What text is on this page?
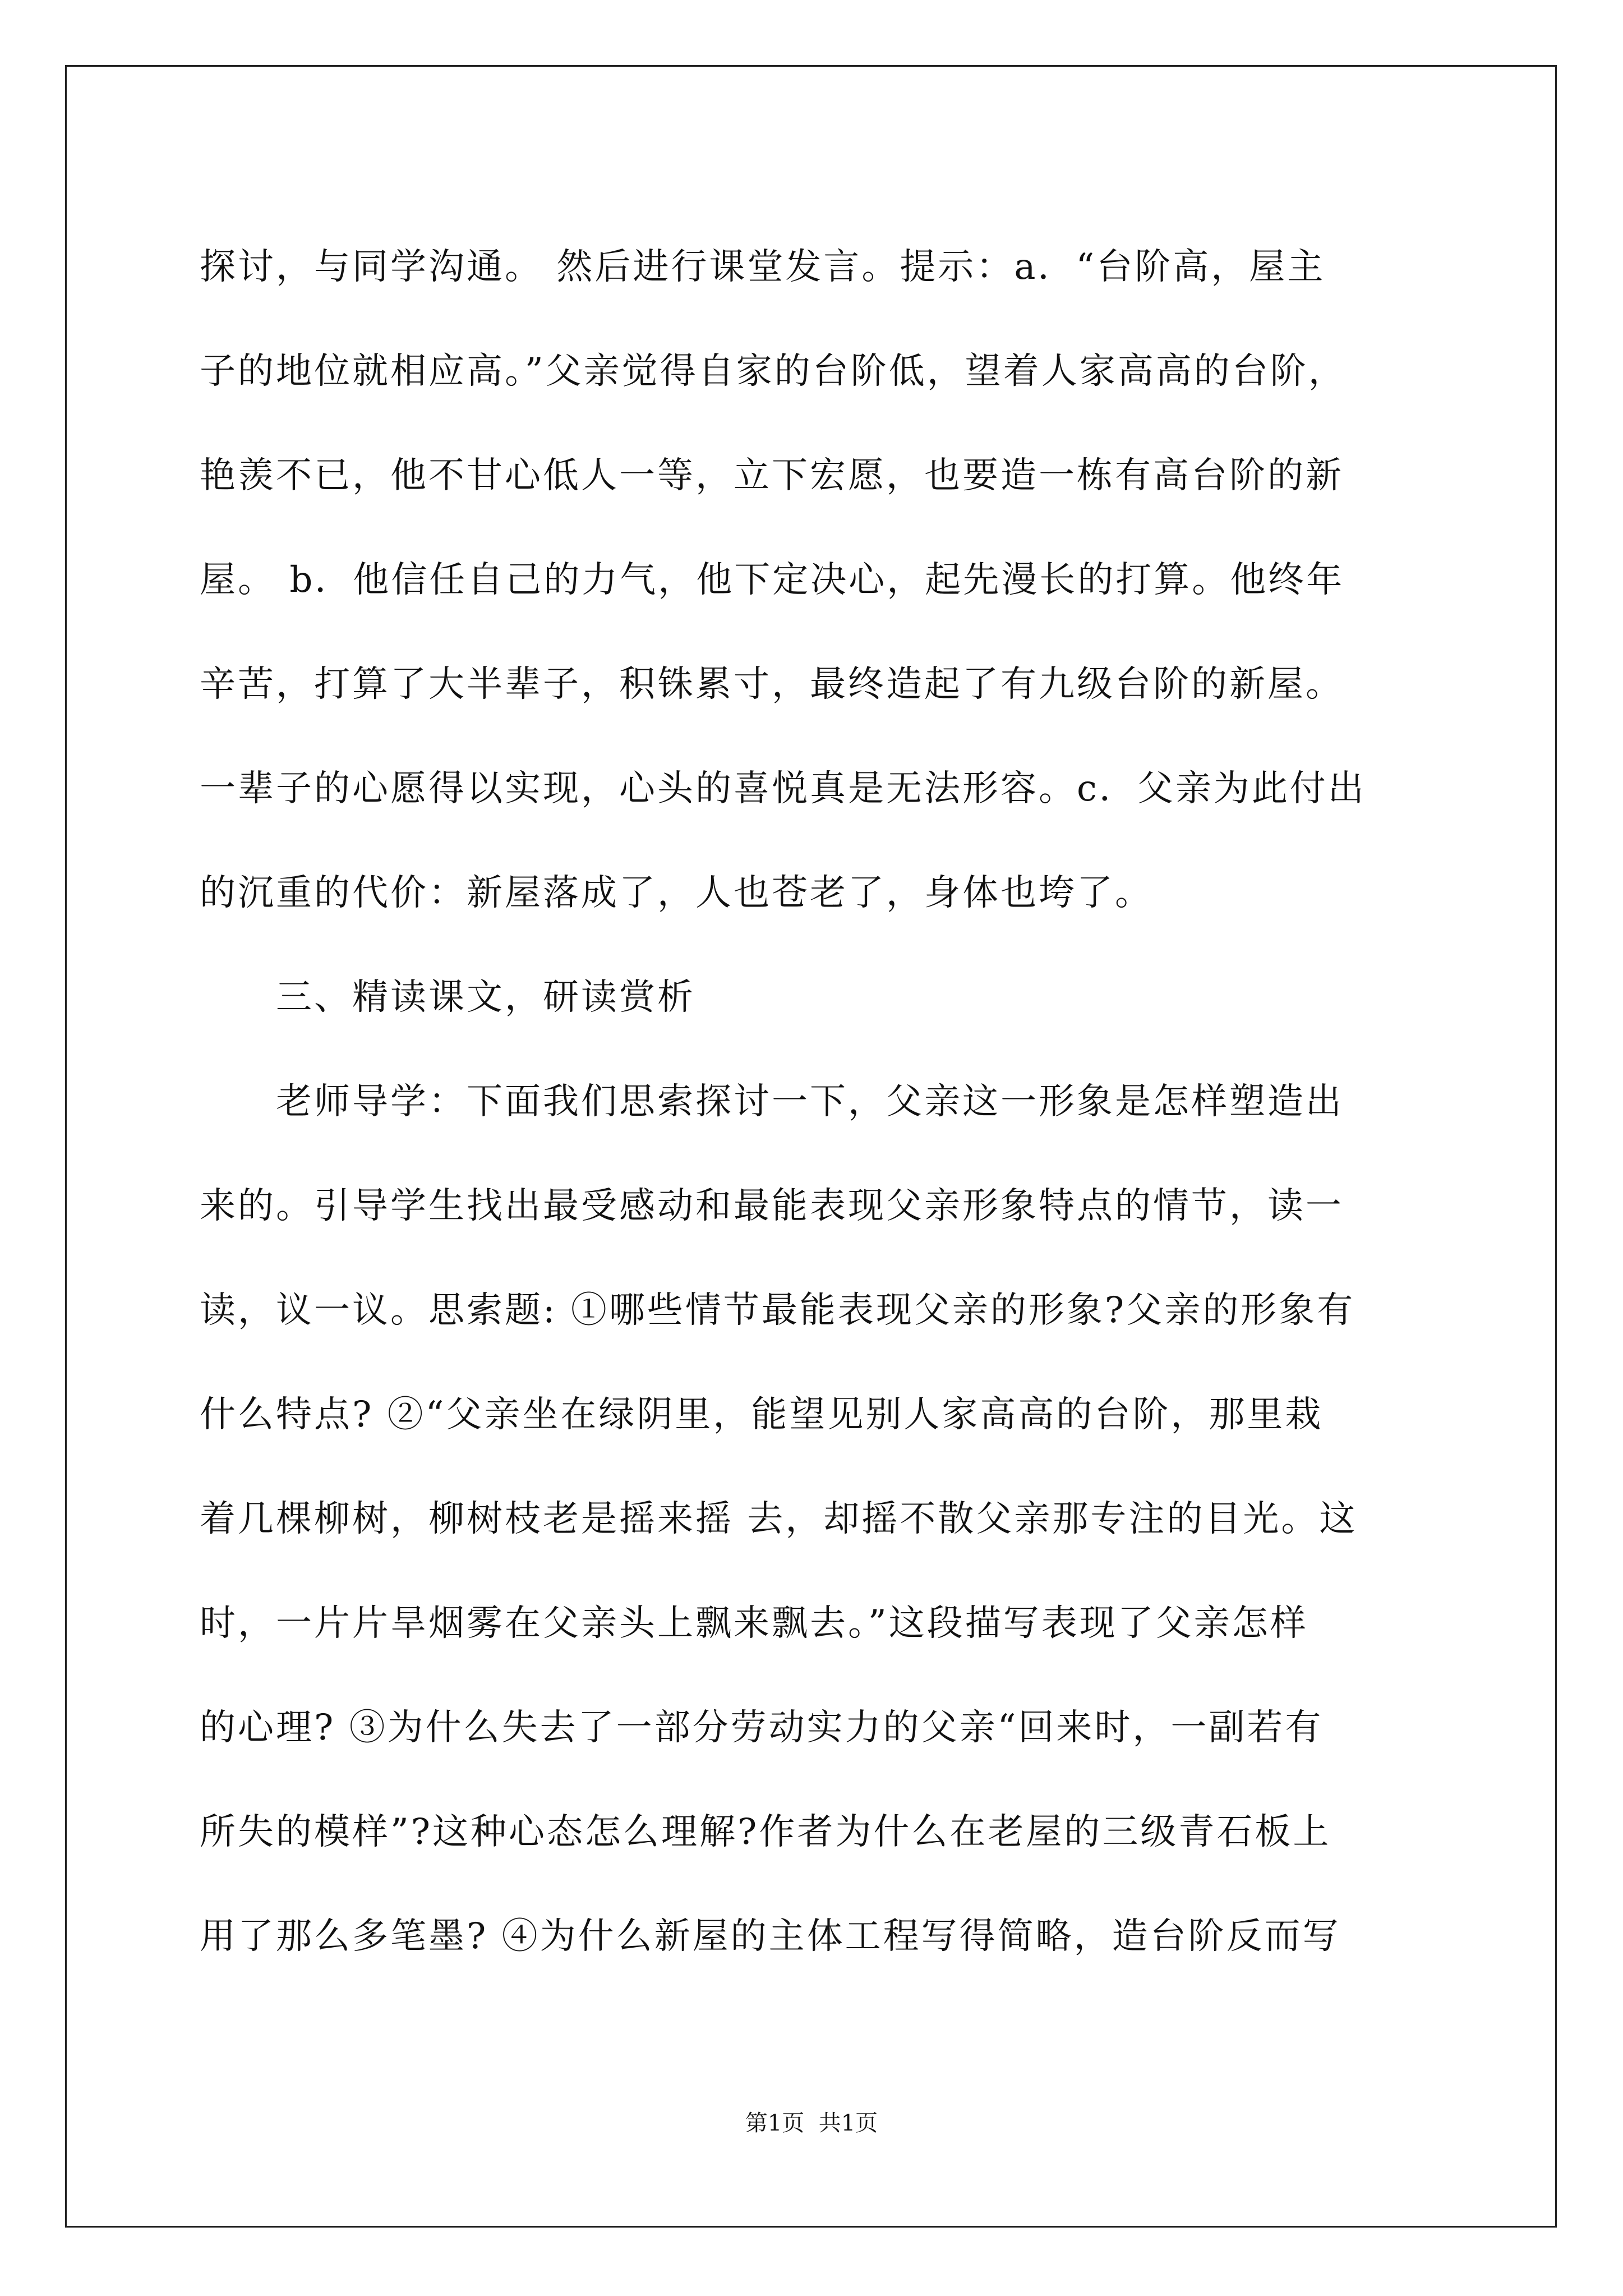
探讨，与同学沟通。 然后进行课堂发言。提示：a．“台阶高，屋主
子的地位就相应高。”父亲觉得自家的台阶低，望着人家高高的台阶，
艳羡不已，他不甘心低人一等，立下宏愿，也要造一栋有高台阶的新
屋。 b．他信任自己的力气，他下定决心，起先漫长的打算。他终年
辛苦，打算了大半辈子，积铢累寸，最终造起了有九级台阶的新屋。
一辈子的心愿得以实现，心头的喜悦真是无法形容。c．父亲为此付出
的沉重的代价：新屋落成了，人也苍老了，身体也垮了。
　　三、精读课文，研读赏析
　　老师导学：下面我们思索探讨一下，父亲这一形象是怎样塑造出
来的。引导学生找出最受感动和最能表现父亲形象特点的情节，读一
读，议一议。思索题: ①哪些情节最能表现父亲的形象?父亲的形象有
什么特点? ②“父亲坐在绿阴里，能望见别人家高高的台阶，那里栽
着几棵柳树，柳树枝老是摇来摇 去，却摇不散父亲那专注的目光。这
时，一片片旱烟雾在父亲头上飘来飘去。”这段描写表现了父亲怎样
的心理? ③为什么失去了一部分劳动实力的父亲“回来时，一副若有
所失的模样”?这种心态怎么理解?作者为什么在老屋的三级青石板上
用了那么多笔墨? ④为什么新屋的主体工程写得简略，造台阶反而写
第1页  共1页
